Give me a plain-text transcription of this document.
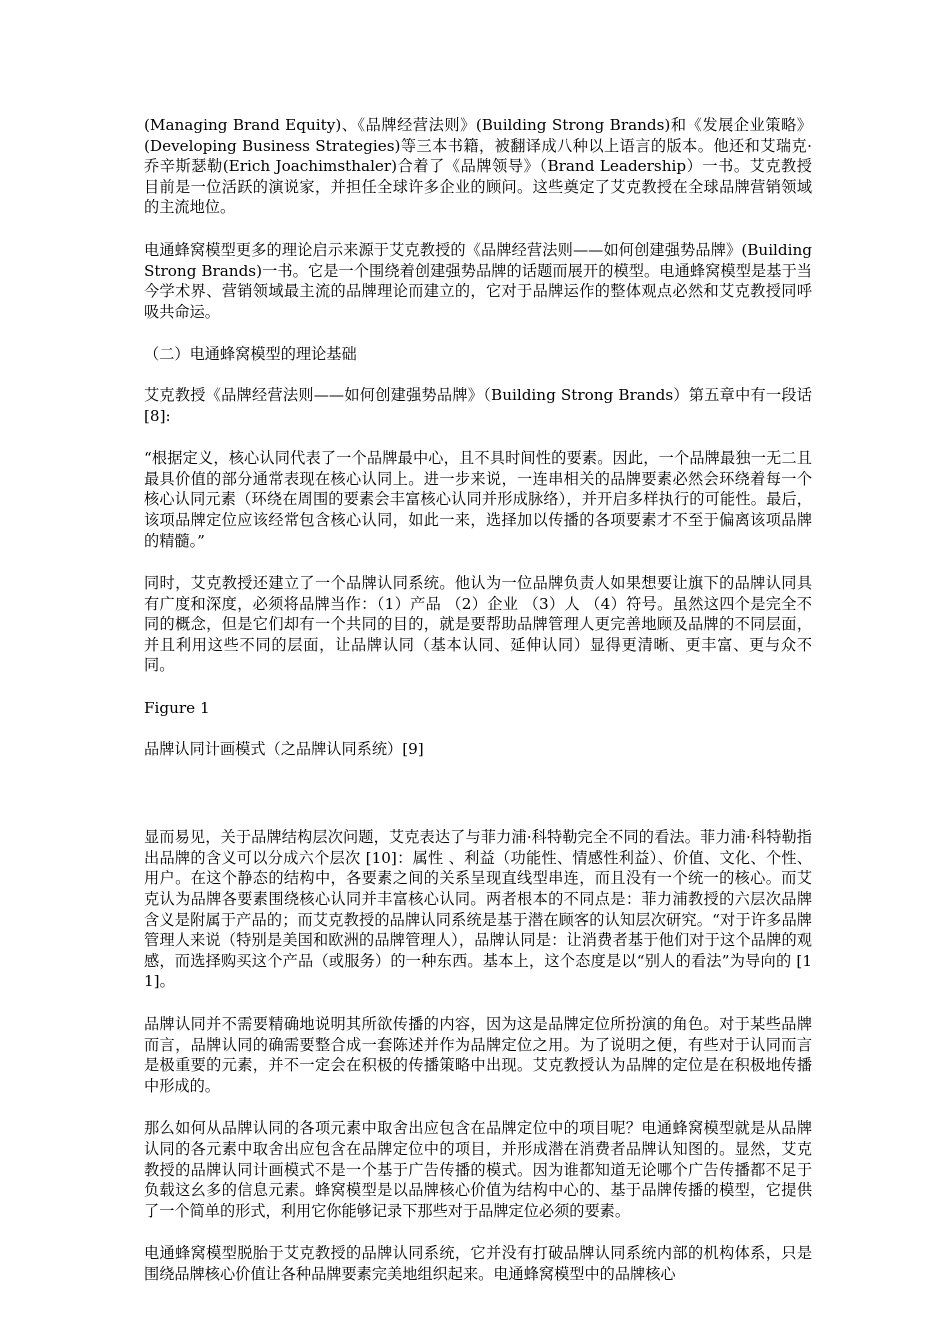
(Managing Brand Equity)、《品牌经营法则》(Building Strong Brands)和《发展企业策略》(Developing Business Strategies)等三本书籍，被翻译成八种以上语言的版本。他还和艾瑞克·乔辛斯瑟勒(Erich Joachimsthaler)合着了《品牌领导》（Brand Leadership）一书。艾克教授目前是一位活跃的演说家，并担任全球许多企业的顾问。这些奠定了艾克教授在全球品牌营销领域的主流地位。

电通蜂窝模型更多的理论启示来源于艾克教授的《品牌经营法则——如何创建强势品牌》(Building Strong Brands)一书。它是一个围绕着创建强势品牌的话题而展开的模型。电通蜂窝模型是基于当今学术界、营销领域最主流的品牌理论而建立的，它对于品牌运作的整体观点必然和艾克教授同呼吸共命运。

（二）电通蜂窝模型的理论基础

艾克教授《品牌经营法则——如何创建强势品牌》（Building Strong Brands）第五章中有一段话 [8]:

“根据定义，核心认同代表了一个品牌最中心，且不具时间性的要素。因此，一个品牌最独一无二且最具价值的部分通常表现在核心认同上。进一步来说，一连串相关的品牌要素必然会环绕着每一个核心认同元素（环绕在周围的要素会丰富核心认同并形成脉络），并开启多样执行的可能性。最后，该项品牌定位应该经常包含核心认同，如此一来，选择加以传播的各项要素才不至于偏离该项品牌的精髓。”

同时，艾克教授还建立了一个品牌认同系统。他认为一位品牌负责人如果想要让旗下的品牌认同具有广度和深度，必须将品牌当作：（1）产品 （2）企业 （3）人 （4）符号。虽然这四个是完全不同的概念，但是它们却有一个共同的目的，就是要帮助品牌管理人更完善地顾及品牌的不同层面，并且利用这些不同的层面，让品牌认同（基本认同、延伸认同）显得更清晰、更丰富、更与众不同。

Figure 1

品牌认同计画模式（之品牌认同系统）[9]

显而易见，关于品牌结构层次问题，艾克表达了与菲力浦·科特勒完全不同的看法。菲力浦·科特勒指出品牌的含义可以分成六个层次 [10]：属性 、利益（功能性、情感性利益）、价值、文化、个性、用户。在这个静态的结构中，各要素之间的关系呈现直线型串连，而且没有一个统一的核心。而艾克认为品牌各要素围绕核心认同并丰富核心认同。两者根本的不同点是：菲力浦教授的六层次品牌含义是附属于产品的；而艾克教授的品牌认同系统是基于潜在顾客的认知层次研究。“对于许多品牌管理人来说（特别是美国和欧洲的品牌管理人），品牌认同是：让消费者基于他们对于这个品牌的观感，而选择购买这个产品（或服务）的一种东西。基本上，这个态度是以“别人的看法”为导向的 [11]。

品牌认同并不需要精确地说明其所欲传播的内容，因为这是品牌定位所扮演的角色。对于某些品牌而言，品牌认同的确需要整合成一套陈述并作为品牌定位之用。为了说明之便，有些对于认同而言是极重要的元素，并不一定会在积极的传播策略中出现。艾克教授认为品牌的定位是在积极地传播中形成的。

那么如何从品牌认同的各项元素中取舍出应包含在品牌定位中的项目呢？电通蜂窝模型就是从品牌认同的各元素中取舍出应包含在品牌定位中的项目，并形成潜在消费者品牌认知图的。显然，艾克教授的品牌认同计画模式不是一个基于广告传播的模式。因为谁都知道无论哪个广告传播都不足于负载这幺多的信息元素。蜂窝模型是以品牌核心价值为结构中心的、基于品牌传播的模型，它提供了一个简单的形式，利用它你能够记录下那些对于品牌定位必须的要素。

电通蜂窝模型脱胎于艾克教授的品牌认同系统，它并没有打破品牌认同系统内部的机构体系，只是围绕品牌核心价值让各种品牌要素完美地组织起来。电通蜂窝模型中的品牌核心
